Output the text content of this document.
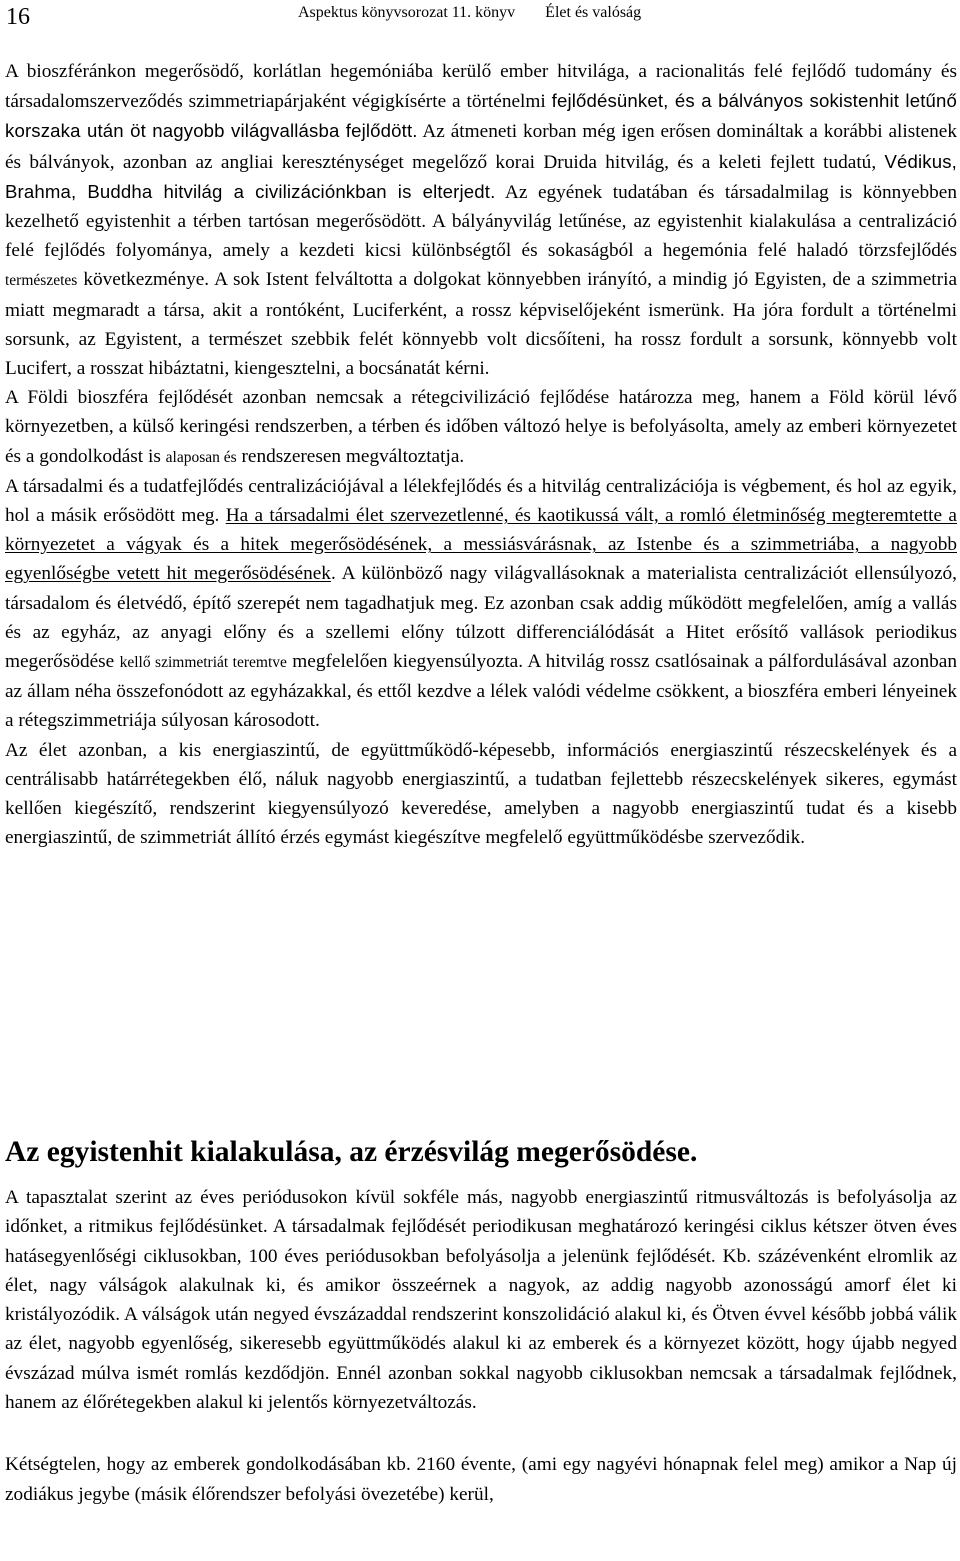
16	Aspektus könyvsorozat 11. könyv Élet és valóság

A bioszféránkon megerősödő, korlátlan hegemóniába kerülő ember hitvilága, a racionalitás felé fejlődő tudomány és társadalomszerveződés szimmetriapárjaként végigkísérte a történelmi fejlődésünket, és a bálványos sokistenhit letűnő korszaka után öt nagyobb világvallásba fejlődött. Az átmeneti korban még igen erősen domináltak a korábbi alistenek és bálványok, azonban az angliai kereszténységet megelőző korai Druida hitvilág, és a keleti fejlett tudatú, Védikus, Brahma, Buddha hitvilág a civilizációnkban is elterjedt. Az egyének tudatában és társadalmilag is könnyebben kezelhető egyistenhit a térben tartósan megerősödött. A bályányvilág letűnése, az egyistenhit kialakulása a centralizáció felé fejlődés folyománya, amely a kezdeti kicsi különbségtől és sokaságból a hegemónia felé haladó törzsfejlődés természetes következménye. A sok Istent felváltotta a dolgokat könnyebben irányító, a mindig jó Egyisten, de a szimmetria miatt megmaradt a társa, akit a rontóként, Luciferként, a rossz képviselőjeként ismerünk. Ha jóra fordult a történelmi sorsunk, az Egyistent, a természet szebbik felét könnyebb volt dicsőíteni, ha rossz fordult a sorsunk, könnyebb volt Lucifert, a rosszat hibáztatni, kiengesztelni, a bocsánatát kérni.

A Földi bioszféra fejlődését azonban nemcsak a rétegcivilizáció fejlődése határozza meg, hanem a Föld körül lévő környezetben, a külső keringési rendszerben, a térben és időben változó helye is befolyásolta, amely az emberi környezetet és a gondolkodást is alaposan és rendszeresen megváltoztatja.

A társadalmi és a tudatfejlődés centralizációjával a lélekfejlődés és a hitvilág centralizációja is végbement, és hol az egyik, hol a másik erősödött meg. Ha a társadalmi élet szervezetlenné, és kaotikussá vált, a romló életminőség megteremtette a környezetet a vágyak és a hitek megerősödésének, a messiásvárásnak, az Istenbe és a szimmetriába, a nagyobb egyenlőségbe vetett hit megerősödésének. A különböző nagy világvallásoknak a materialista centralizációt ellensúlyozó, társadalom és életvédő, építő szerepét nem tagadhatjuk meg. Ez azonban csak addig működött megfelelően, amíg a vallás és az egyház, az anyagi előny és a szellemi előny túlzott differenciálódását a Hitet erősítő vallások periodikus megerősödése kellő szimmetriát teremtve megfelelően kiegyensúlyozta. A hitvilág rossz csatlósainak a pálfordulásával azonban az állam néha összefonódott az egyházakkal, és ettől kezdve a lélek valódi védelme csökkent, a bioszféra emberi lényeinek a rétegszimmetriája súlyosan károsodott.

Az élet azonban, a kis energiaszintű, de együttműködő-képesebb, információs energiaszintű részecskelények és a centrálisabb határrétegekben élő, náluk nagyobb energiaszintű, a tudatban fejlettebb részecskelények sikeres, egymást kellően kiegészítő, rendszerint kiegyensúlyozó keveredése, amelyben a nagyobb energiaszintű tudat és a kisebb energiaszintű, de szimmetriát állító érzés egymást kiegészítve megfelelő együttműködésbe szerveződik.

Az egyistenhit kialakulása, az érzésvilág megerősödése.

A tapasztalat szerint az éves periódusokon kívül sokféle más, nagyobb energiaszintű ritmusváltozás is befolyásolja az időnket, a ritmikus fejlődésünket. A társadalmak fejlődését periodikusan meghatározó keringési ciklus kétszer ötven éves hatásegyenlőségi ciklusokban, 100 éves periódusokban befolyásolja a jelenünk fejlődését. Kb. százévenként elromlik az élet, nagy válságok alakulnak ki, és amikor összeérnek a nagyok, az addig nagyobb azonosságú amorf élet ki kristályozódik. A válságok után negyed évszázaddal rendszerint konszolidáció alakul ki, és Ötven évvel később jobbá válik az élet, nagyobb egyenlőség, sikeresebb együttműködés alakul ki az emberek és a környezet között, hogy újabb negyed évszázad múlva ismét romlás kezdődjön. Ennél azonban sokkal nagyobb ciklusokban nemcsak a társadalmak fejlődnek, hanem az élőrétegekben alakul ki jelentős környezetváltozás.

Kétségtelen, hogy az emberek gondolkodásában kb. 2160 évente, (ami egy nagyévi hónapnak felel meg) amikor a Nap új zodiákus jegybe (másik élőrendszer befolyási övezetébe) kerül,
